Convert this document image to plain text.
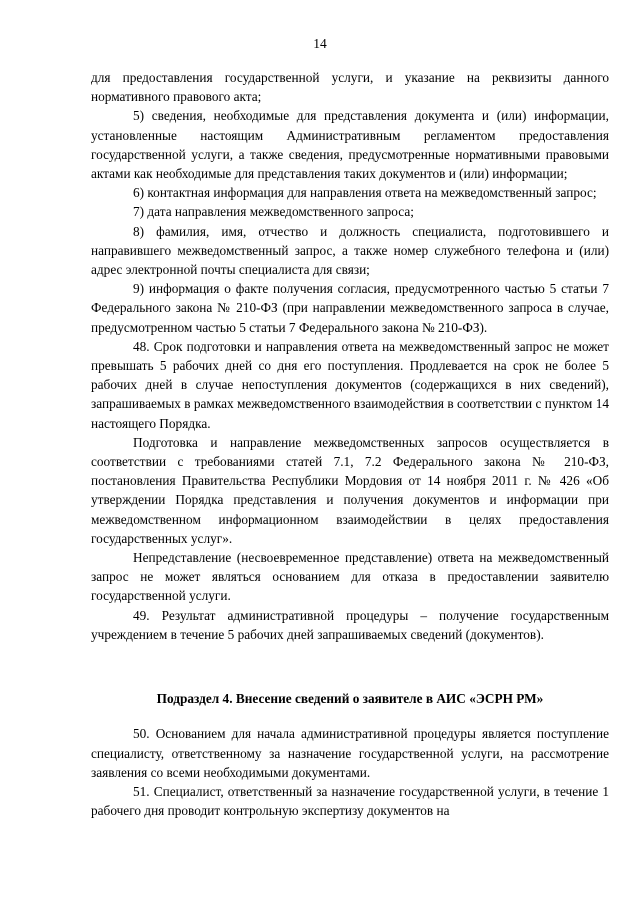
14

для предоставления государственной услуги, и указание на реквизиты данного нормативного правового акта;

5) сведения, необходимые для представления документа и (или) информации, установленные настоящим Административным регламентом предоставления государственной услуги, а также сведения, предусмотренные нормативными правовыми актами как необходимые для представления таких документов и (или) информации;

6) контактная информация для направления ответа на межведомственный запрос;

7) дата направления межведомственного запроса;

8) фамилия, имя, отчество и должность специалиста, подготовившего и направившего межведомственный запрос, а также номер служебного телефона и (или) адрес электронной почты специалиста для связи;

9) информация о факте получения согласия, предусмотренного частью 5 статьи 7 Федерального закона № 210-ФЗ (при направлении межведомственного запроса в случае, предусмотренном частью 5 статьи 7 Федерального закона № 210-ФЗ).

48. Срок подготовки и направления ответа на межведомственный запрос не может превышать 5 рабочих дней со дня его поступления. Продлевается на срок не более 5 рабочих дней в случае непоступления документов (содержащихся в них сведений), запрашиваемых в рамках межведомственного взаимодействия в соответствии с пунктом 14 настоящего Порядка.

Подготовка и направление межведомственных запросов осуществляется в соответствии с требованиями статей 7.1, 7.2 Федерального закона № 210-ФЗ, постановления Правительства Республики Мордовия от 14 ноября 2011 г. № 426 «Об утверждении Порядка представления и получения документов и информации при межведомственном информационном взаимодействии в целях предоставления государственных услуг».

Непредставление (несвоевременное представление) ответа на межведомственный запрос не может являться основанием для отказа в предоставлении заявителю государственной услуги.

49. Результат административной процедуры – получение государственным учреждением в течение 5 рабочих дней запрашиваемых сведений (документов).

Подраздел 4. Внесение сведений о заявителе в АИС «ЭСРН РМ»

50. Основанием для начала административной процедуры является поступление специалисту, ответственному за назначение государственной услуги, на рассмотрение заявления со всеми необходимыми документами.

51. Специалист, ответственный за назначение государственной услуги, в течение 1 рабочего дня проводит контрольную экспертизу документов на
